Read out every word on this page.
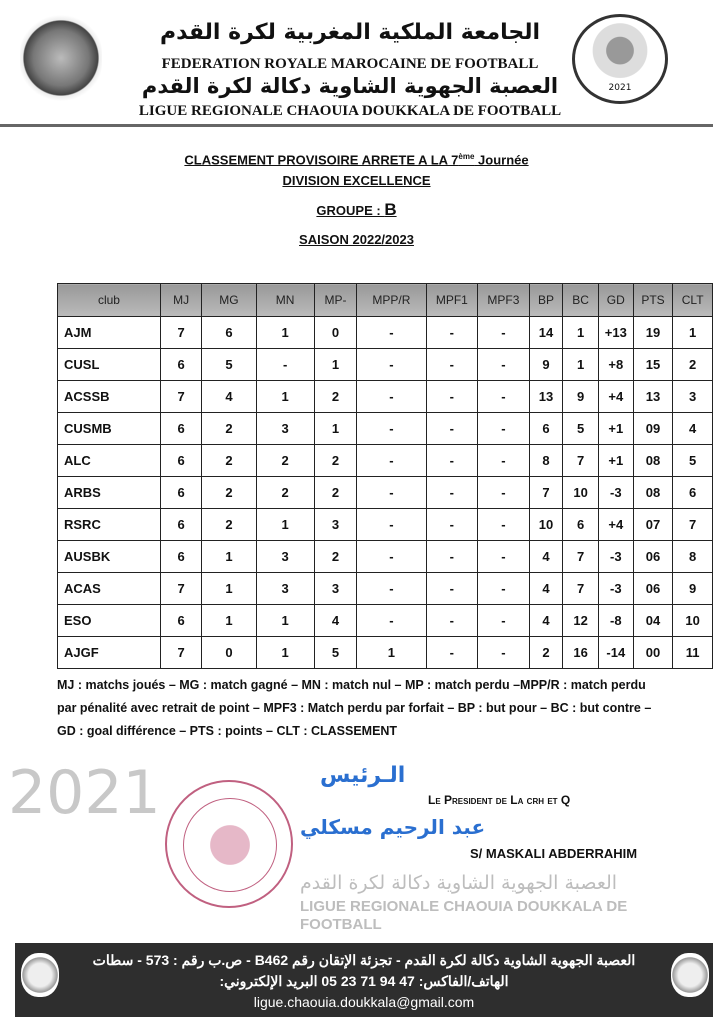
2021
الجامعة الملكية المغربية لكرة القدم
FEDERATION ROYALE MAROCAINE DE FOOTBALL
العصبة الجهوية الشاوية دكالة لكرة القدم
LIGUE REGIONALE CHAOUIA DOUKKALA DE FOOTBALL
العصبة الجهوية الشاوية دكالة لكرة القدم
LIGUE REGIONALE CHAOUIA DOUKKALA DE FOOTBALL
2021
CLASSEMENT PROVISOIRE ARRETE A LA 7ème Journée
DIVISION EXCELLENCE
GROUPE : B
SAISON 2022/2023
club	MJ	MG	MN	MP-	MPP/R	MPF1	MPF3	BP	BC	GD	PTS	CLT
AJM	7	6	1	0	-	-	-	14	1	+13	19	1
CUSL	6	5	-	1	-	-	-	9	1	+8	15	2
ACSSB	7	4	1	2	-	-	-	13	9	+4	13	3
CUSMB	6	2	3	1	-	-	-	6	5	+1	09	4
ALC	6	2	2	2	-	-	-	8	7	+1	08	5
ARBS	6	2	2	2	-	-	-	7	10	-3	08	6
RSRC	6	2	1	3	-	-	-	10	6	+4	07	7
AUSBK	6	1	3	2	-	-	-	4	7	-3	06	8
ACAS	7	1	3	3	-	-	-	4	7	-3	06	9
ESO	6	1	1	4	-	-	-	4	12	-8	04	10
AJGF	7	0	1	5	1	-	-	2	16	-14	00	11
MJ : matchs joués – MG : match gagné – MN : match nul – MP : match perdu –MPP/R : match perdu par pénalité avec retrait de point – MPF3 : Match perdu par forfait – BP : but pour – BC : but contre – GD : goal différence – PTS : points – CLT : CLASSEMENT
الـرئيس
عبد الرحيم مسكلي
Le President de La crh et Q
S/ MASKALI ABDERRAHIM
العصبة الجهوية الشاوية دكالة لكرة القدم - تجزئة الإتقان رقم B462 - ص.ب رقم : 573 - سطات
الهاتف/الفاكس: 47 94 71 23 05 البريد الإلكتروني:
ligue.chaouia.doukkala@gmail.com
